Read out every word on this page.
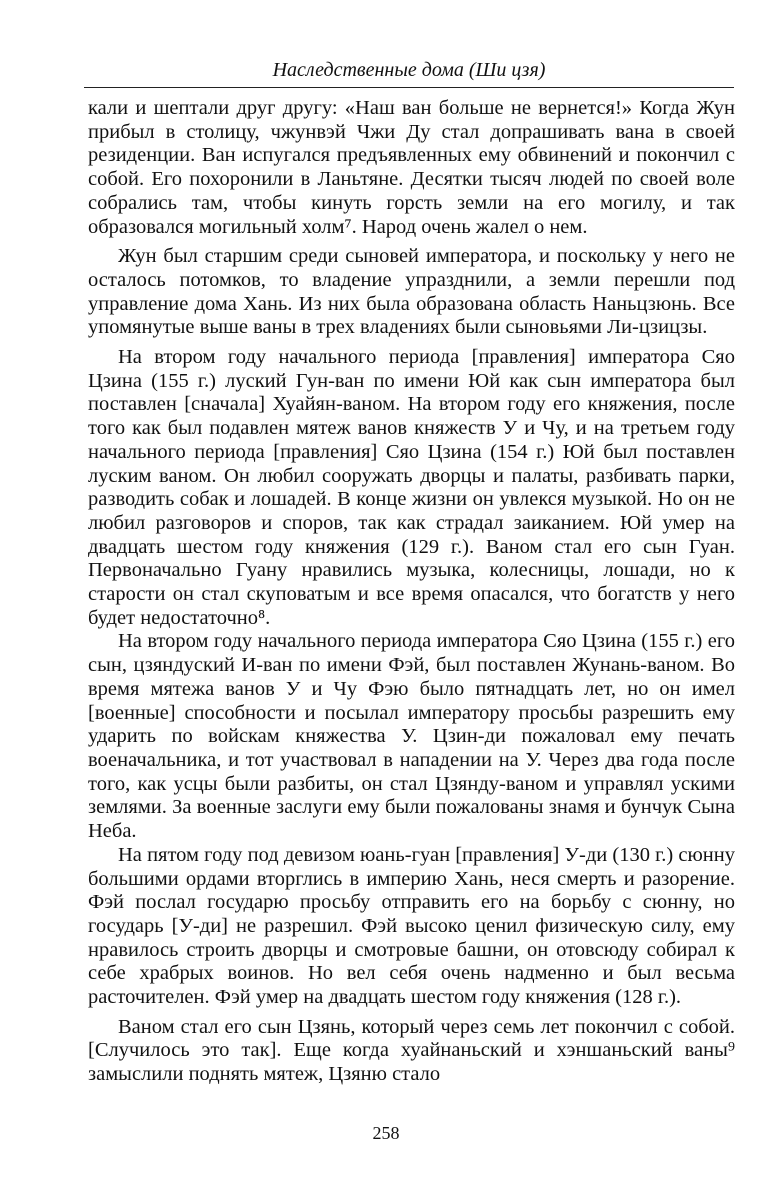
Наследственные дома (Ши цзя)

кали и шептали друг другу: «Наш ван больше не вернется!» Когда Жун прибыл в столицу, чжунвэй Чжи Ду стал допрашивать вана в своей резиденции. Ван испугался предъявленных ему обвинений и покончил с собой. Его похоронили в Ланьтяне. Десятки тысяч людей по своей воле собрались там, чтобы кинуть горсть земли на его могилу, и так образовался могильный холм⁷. Народ очень жалел о нем.

Жун был старшим среди сыновей императора, и поскольку у него не осталось потомков, то владение упразднили, а земли перешли под управление дома Хань. Из них была образована область Наньцзюнь. Все упомянутые выше ваны в трех владениях были сыновьями Ли-цзицзы.

На втором году начального периода [правления] императора Сяо Цзина (155 г.) луский Гун-ван по имени Юй как сын императора был поставлен [сначала] Хуайян-ваном. На втором году его княжения, после того как был подавлен мятеж ванов княжеств У и Чу, и на третьем году начального периода [правления] Сяо Цзина (154 г.) Юй был поставлен луским ваном. Он любил сооружать дворцы и палаты, разбивать парки, разводить собак и лошадей. В конце жизни он увлекся музыкой. Но он не любил разговоров и споров, так как страдал заиканием. Юй умер на двадцать шестом году княжения (129 г.). Ваном стал его сын Гуан. Первоначально Гуану нравились музыка, колесницы, лошади, но к старости он стал скуповатым и все время опасался, что богатств у него будет недостаточно⁸.

На втором году начального периода императора Сяо Цзина (155 г.) его сын, цзяндуский И-ван по имени Фэй, был поставлен Жунань-ваном. Во время мятежа ванов У и Чу Фэю было пятнадцать лет, но он имел [военные] способности и посылал императору просьбы разрешить ему ударить по войскам княжества У. Цзин-ди пожаловал ему печать военачальника, и тот участвовал в нападении на У. Через два года после того, как усцы были разбиты, он стал Цзянду-ваном и управлял ускими землями. За военные заслуги ему были пожалованы знамя и бунчук Сына Неба.

На пятом году под девизом юань-гуан [правления] У-ди (130 г.) сюнну большими ордами вторглись в империю Хань, неся смерть и разорение. Фэй послал государю просьбу отправить его на борьбу с сюнну, но государь [У-ди] не разрешил. Фэй высоко ценил физическую силу, ему нравилось строить дворцы и смотровые башни, он отовсюду собирал к себе храбрых воинов. Но вел себя очень надменно и был весьма расточителен. Фэй умер на двадцать шестом году княжения (128 г.).

Ваном стал его сын Цзянь, который через семь лет покончил с собой. [Случилось это так]. Еще когда хуайнаньский и хэншаньский ваны⁹ замыслили поднять мятеж, Цзяню стало

258
